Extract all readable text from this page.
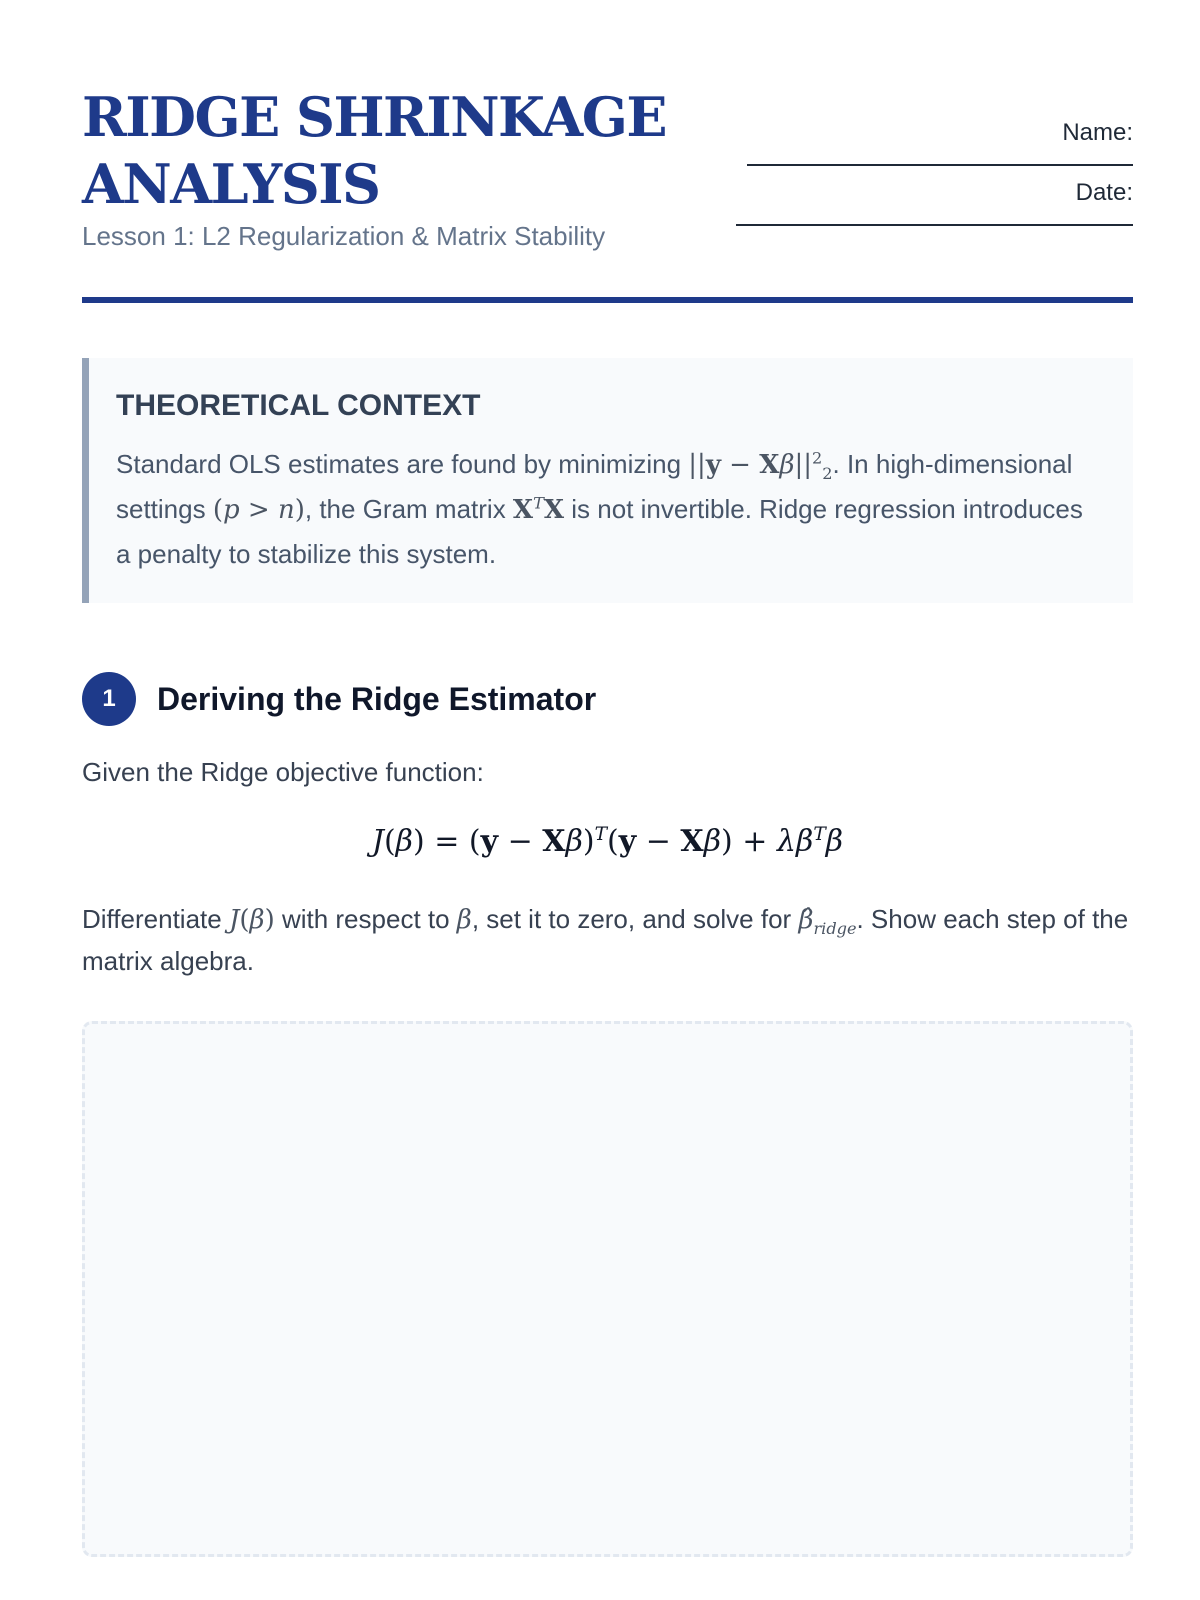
RIDGE SHRINKAGE ANALYSIS
Lesson 1: L2 Regularization & Matrix Stability
Name:
Date:
THEORETICAL CONTEXT

Standard OLS estimates are found by minimizing $||y - X\beta||^2_2$. In high-dimensional settings (p > n), the Gram matrix $X^TX$ is not invertible. Ridge regression introduces a penalty to stabilize this system.

1	Deriving the Ridge Estimator
Given the Ridge objective function:
$J(\beta) = (y - X\beta)^T(y - X\beta) + \lambda\beta^T\beta$
Differentiate J(β) with respect to β, set it to zero, and solve for $\betâ_{ridge}$. Show each step of the matrix algebra.
